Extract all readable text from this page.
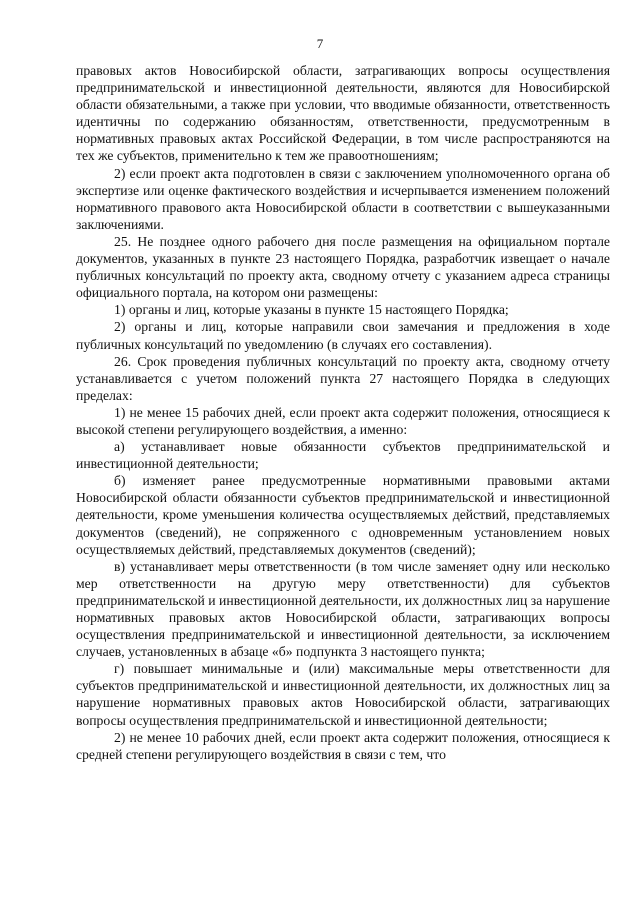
7

правовых актов Новосибирской области, затрагивающих вопросы осуществления предпринимательской и инвестиционной деятельности, являются для Новосибирской области обязательными, а также при условии, что вводимые обязанности, ответственность идентичны по содержанию обязанностям, ответственности, предусмотренным в нормативных правовых актах Российской Федерации, в том числе распространяются на тех же субъектов, применительно к тем же правоотношениям;

2) если проект акта подготовлен в связи с заключением уполномоченного органа об экспертизе или оценке фактического воздействия и исчерпывается изменением положений нормативного правового акта Новосибирской области в соответствии с вышеуказанными заключениями.

25. Не позднее одного рабочего дня после размещения на официальном портале документов, указанных в пункте 23 настоящего Порядка, разработчик извещает о начале публичных консультаций по проекту акта, сводному отчету с указанием адреса страницы официального портала, на котором они размещены:

1) органы и лиц, которые указаны в пункте 15 настоящего Порядка;

2) органы и лиц, которые направили свои замечания и предложения в ходе публичных консультаций по уведомлению (в случаях его составления).

26. Срок проведения публичных консультаций по проекту акта, сводному отчету устанавливается с учетом положений пункта 27 настоящего Порядка в следующих пределах:

1) не менее 15 рабочих дней, если проект акта содержит положения, относящиеся к высокой степени регулирующего воздействия, а именно:

а) устанавливает новые обязанности субъектов предпринимательской и инвестиционной деятельности;

б) изменяет ранее предусмотренные нормативными правовыми актами Новосибирской области обязанности субъектов предпринимательской и инвестиционной деятельности, кроме уменьшения количества осуществляемых действий, представляемых документов (сведений), не сопряженного с одновременным установлением новых осуществляемых действий, представляемых документов (сведений);

в) устанавливает меры ответственности (в том числе заменяет одну или несколько мер ответственности на другую меру ответственности) для субъектов предпринимательской и инвестиционной деятельности, их должностных лиц за нарушение нормативных правовых актов Новосибирской области, затрагивающих вопросы осуществления предпринимательской и инвестиционной деятельности, за исключением случаев, установленных в абзаце «б» подпункта 3 настоящего пункта;

г) повышает минимальные и (или) максимальные меры ответственности для субъектов предпринимательской и инвестиционной деятельности, их должностных лиц за нарушение нормативных правовых актов Новосибирской области, затрагивающих вопросы осуществления предпринимательской и инвестиционной деятельности;

2) не менее 10 рабочих дней, если проект акта содержит положения, относящиеся к средней степени регулирующего воздействия в связи с тем, что
